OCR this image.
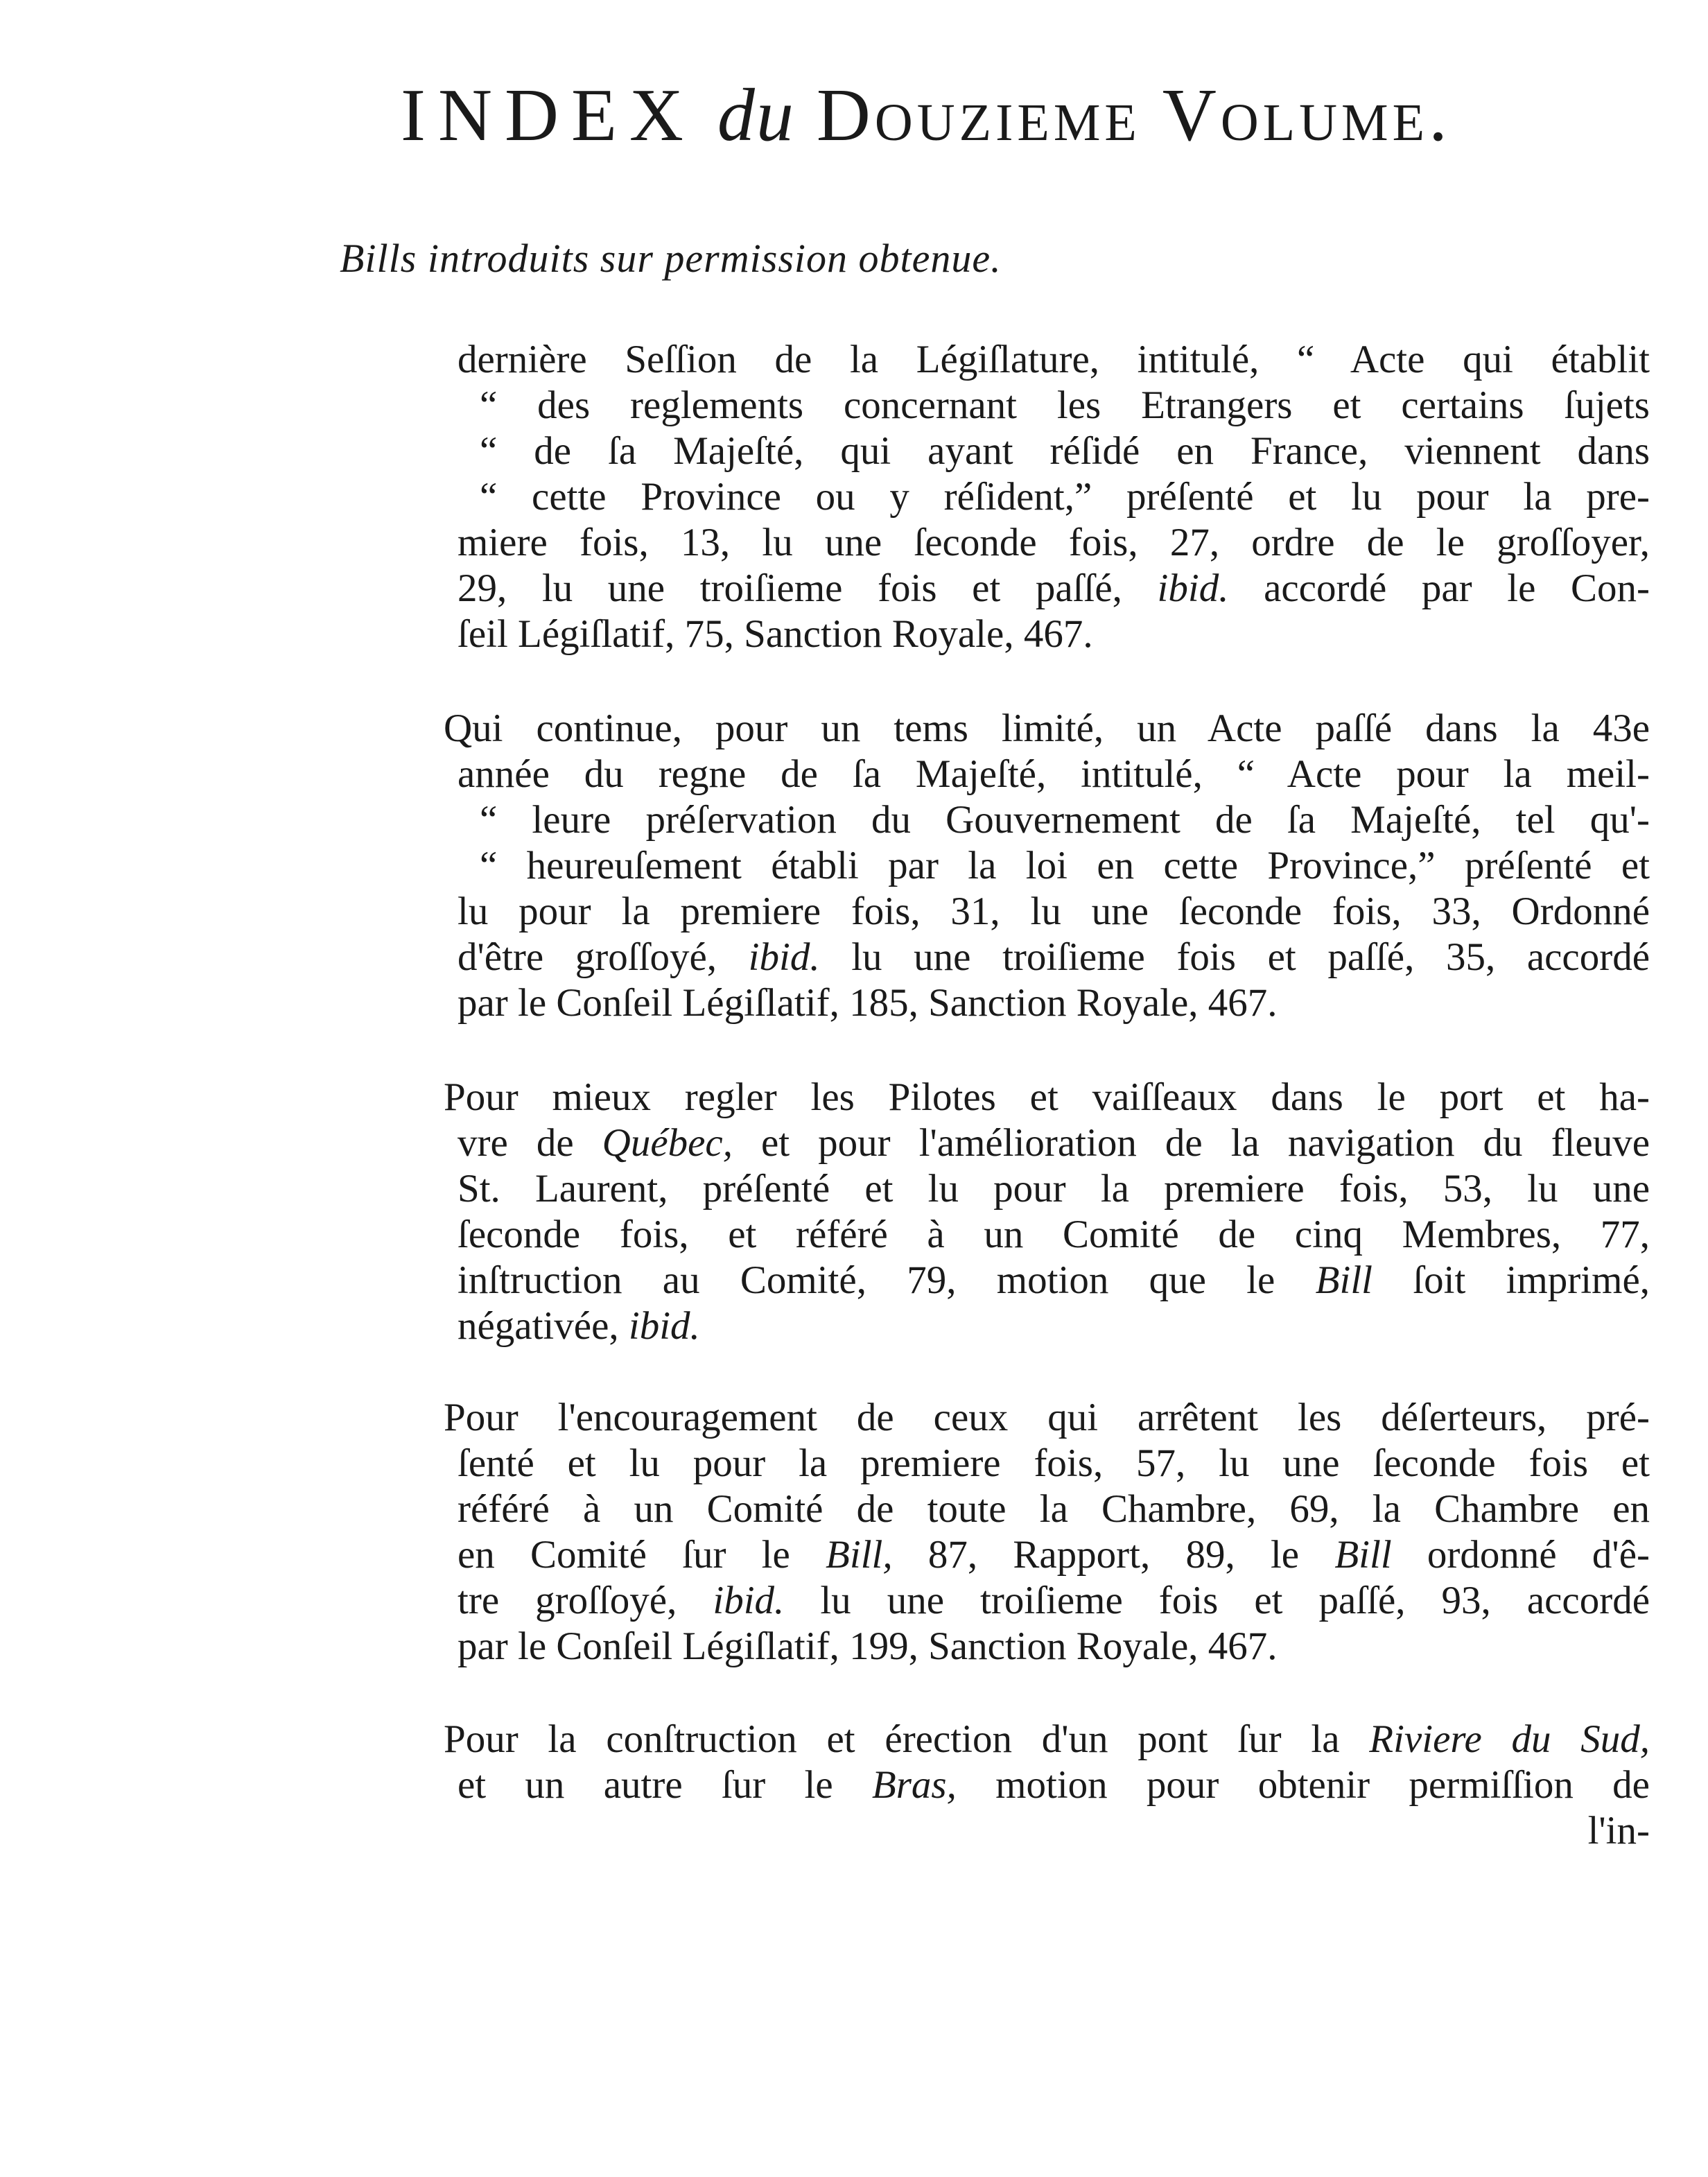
INDEX du Douzieme Volume.
Bills introduits sur permission obtenue.
dernière Seſſion de la Légiſlature, intitulé, “ Acte qui établit
“ des reglements concernant les Etrangers et certains ſujets
“ de ſa Majeſté, qui ayant réſidé en France, viennent dans
“ cette Province ou y réſident,” préſenté et lu pour la pre-
miere fois, 13, lu une ſeconde fois, 27, ordre de le groſſoyer,
29, lu une troiſieme fois et paſſé, ibid. accordé par le Con-
ſeil Légiſlatif, 75, Sanction Royale, 467.
Qui continue, pour un tems limité, un Acte paſſé dans la 43e
année du regne de ſa Majeſté, intitulé, “ Acte pour la meil-
“ leure préſervation du Gouvernement de ſa Majeſté, tel qu'-
“ heureuſement établi par la loi en cette Province,” préſenté et
lu pour la premiere fois, 31, lu une ſeconde fois, 33, Ordonné
d'être groſſoyé, ibid. lu une troiſieme fois et paſſé, 35, accordé
par le Conſeil Légiſlatif, 185, Sanction Royale, 467.
Pour mieux regler les Pilotes et vaiſſeaux dans le port et ha-
vre de Québec, et pour l'amélioration de la navigation du fleuve
St. Laurent, préſenté et lu pour la premiere fois, 53, lu une
ſeconde fois, et référé à un Comité de cinq Membres, 77,
inſtruction au Comité, 79, motion que le Bill ſoit imprimé,
négativée, ibid.
Pour l'encouragement de ceux qui arrêtent les déſerteurs, pré-
ſenté et lu pour la premiere fois, 57, lu une ſeconde fois et
référé à un Comité de toute la Chambre, 69, la Chambre en
en Comité ſur le Bill, 87, Rapport, 89, le Bill ordonné d'ê-
tre groſſoyé, ibid. lu une troiſieme fois et paſſé, 93, accordé
par le Conſeil Légiſlatif, 199, Sanction Royale, 467.
Pour la conſtruction et érection d'un pont ſur la Riviere du Sud,
et un autre ſur le Bras, motion pour obtenir permiſſion de
l'in-
